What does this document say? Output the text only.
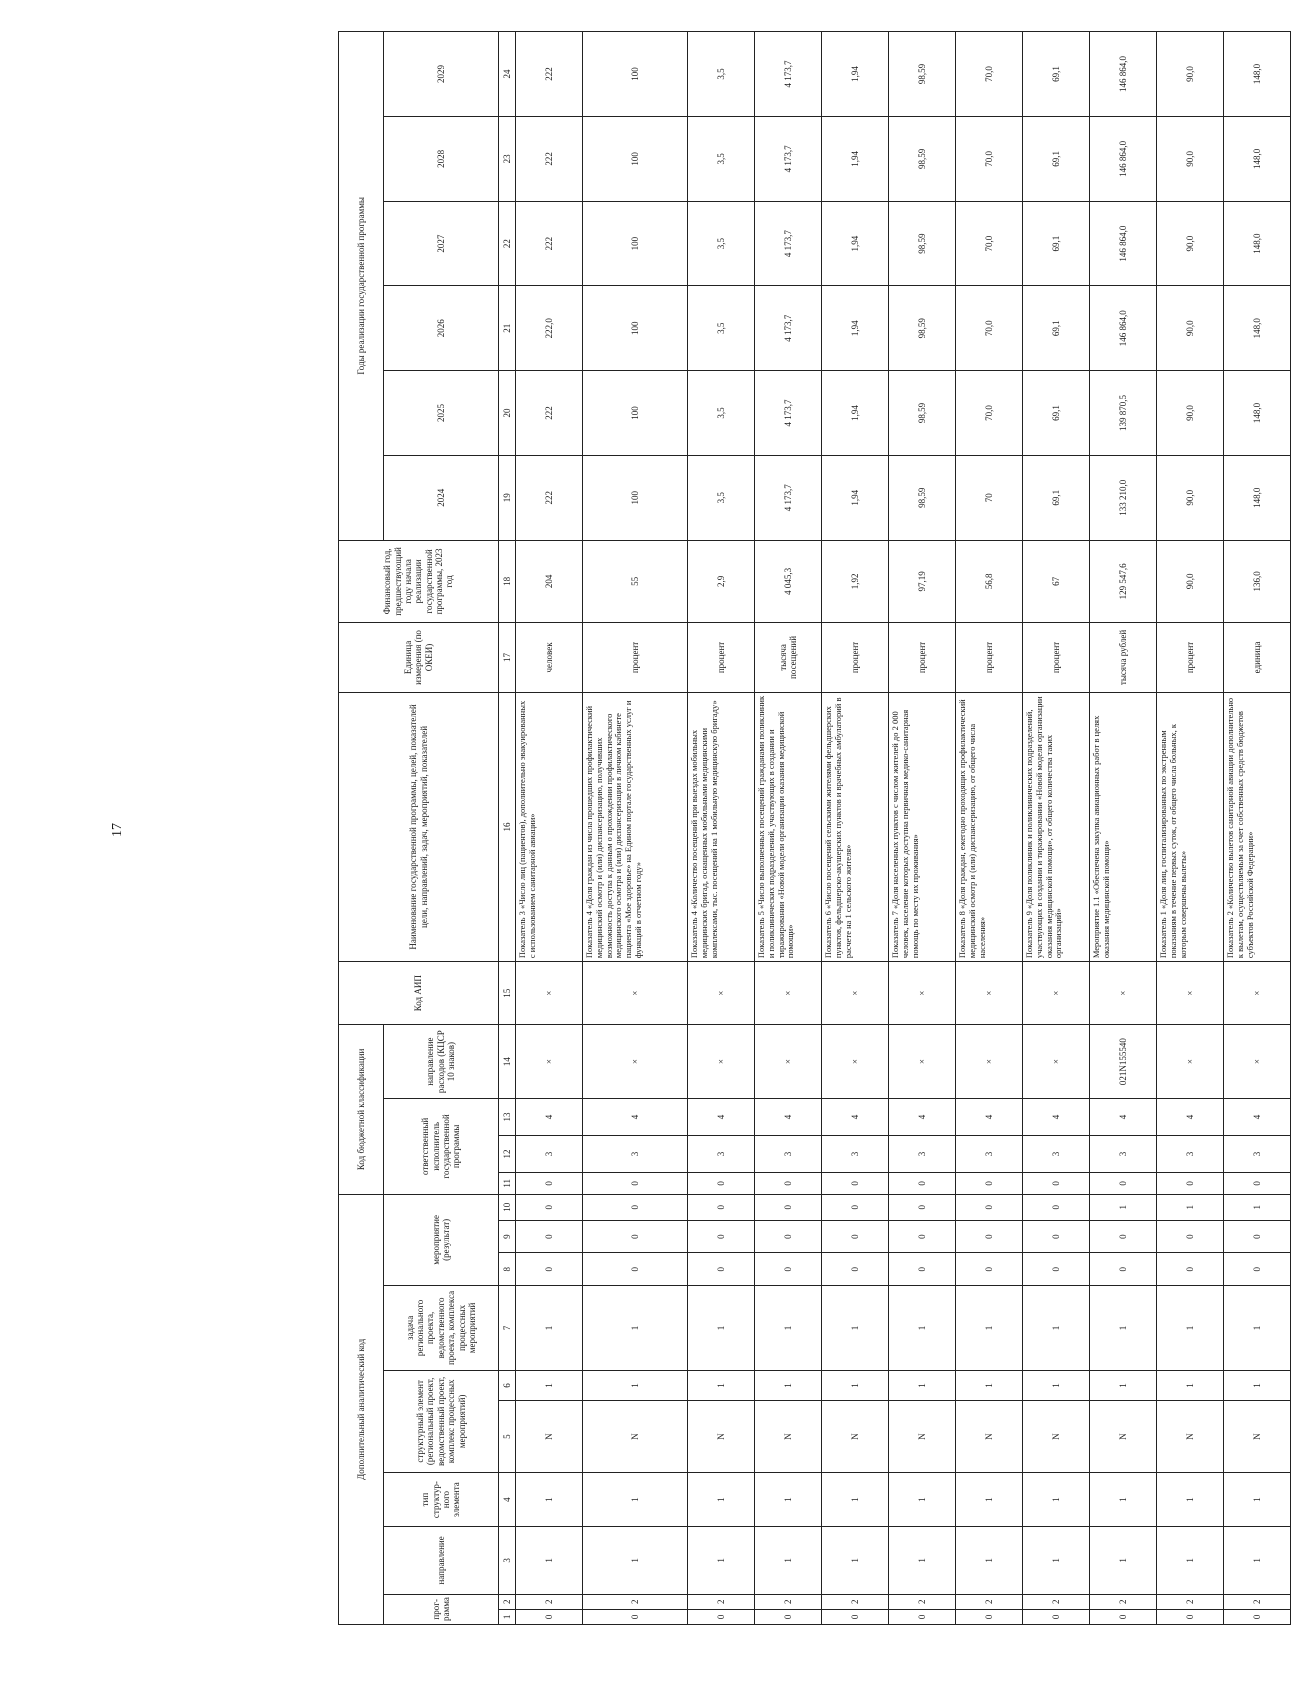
17
Дополнительный аналитический код										Код бюджетной классификации				Код АИП	Наименование государственной программы, целей, показателей цели, направлений, задач, мероприятий, показателей	Единица измерения (по ОКЕИ)	Финансовый год, предшествующий году начала реализации государственной программы, 2023 год	Годы реализации государственной программы					
прог-рамма		направление	тип структур-ного элемента	структурный элемент (региональный проект, ведомственный проект, комплекс процессных мероприятий)		задача регионального проекта, ведомственного проекта, комплекса процессных мероприятий	мероприятие (результат)			ответственный исполнитель государственной программы			направление расходов (КЦСР 10 знаков)					2024	2025	2026	2027	2028	2029
1	2	3	4	5	6	7	8	9	10	11	12	13	14	15	16	17	18	19	20	21	22	23	24
0	2	1	1	N	1	1	0	0	0	0	3	4	×	×	Показатель 3 «Число лиц (пациентов), дополнительно эвакуированных с использованием санитарной авиации»	человек	204	222	222	222,0	222	222	222
0	2	1	1	N	1	1	0	0	0	0	3	4	×	×	Показатель 4 «Доля граждан из числа прошедших профилактический медицинский осмотр и (или) диспансеризацию, получивших возможность доступа к данным о прохождении профилактического медицинского осмотра и (или) диспансеризации в личном кабинете пациента «Мое здоровье» на Едином портале государственных услуг и функций в отчетном году»	процент	55	100	100	100	100	100	100
0	2	1	1	N	1	1	0	0	0	0	3	4	×	×	Показатель 4 «Количество посещений при выездах мобильных медицинских бригад, оснащенных мобильными медицинскими комплексами, тыс. посещений на 1 мобильную медицинскую бригаду»	процент	2,9	3,5	3,5	3,5	3,5	3,5	3,5
0	2	1	1	N	1	1	0	0	0	0	3	4	×	×	Показатель 5 «Число выполненных посещений гражданами поликлиник и поликлинических подразделений, участвующих в создании и тиражировании «Новой модели организации оказания медицинской помощи»	тысяча посещений	4 045,3	4 173,7	4 173,7	4 173,7	4 173,7	4 173,7	4 173,7
0	2	1	1	N	1	1	0	0	0	0	3	4	×	×	Показатель 6 «Число посещений сельскими жителями фельдшерских пунктов, фельдшерско-акушерских пунктов и врачебных амбулаторий в расчете на 1 сельского жителя»	процент	1,92	1,94	1,94	1,94	1,94	1,94	1,94
0	2	1	1	N	1	1	0	0	0	0	3	4	×	×	Показатель 7 «Доля населенных пунктов с числом жителей до 2 000 человек, население которых доступна первичная медико-санитарная помощь по месту их проживания»	процент	97,19	98,59	98,59	98,59	98,59	98,59	98,59
0	2	1	1	N	1	1	0	0	0	0	3	4	×	×	Показатель 8 «Доля граждан, ежегодно проходящих профилактический медицинский осмотр и (или) диспансеризацию, от общего числа населения»	процент	56,8	70	70,0	70,0	70,0	70,0	70,0
0	2	1	1	N	1	1	0	0	0	0	3	4	×	×	Показатель 9 «Доля поликлиник и поликлинических подразделений, участвующих в создании и тиражировании «Новой модели организации оказания медицинской помощи», от общего количества таких организаций»	процент	67	69,1	69,1	69,1	69,1	69,1	69,1
0	2	1	1	N	1	1	0	0	1	0	3	4	021N155540	×	Мероприятие 1.1 «Обеспечена закупка авиационных работ в целях оказания медицинской помощи»	тысяча рублей	129 547,6	133 210,0	139 870,5	146 864,0	146 864,0	146 864,0	146 864,0
0	2	1	1	N	1	1	0	0	1	0	3	4	×	×	Показатель 1 «Доля лиц, госпитализированных по экстренным показаниям в течение первых суток, от общего числа больных, к которым совершены вылеты»	процент	90,0	90,0	90,0	90,0	90,0	90,0	90,0
0	2	1	1	N	1	1	0	0	1	0	3	4	×	×	Показатель 2 «Количество вылетов санитарной авиации дополнительно к вылетам, осуществляемым за счет собственных средств бюджетов субъектов Российской Федерации»	единица	136,0	148,0	148,0	148,0	148,0	148,0	148,0
